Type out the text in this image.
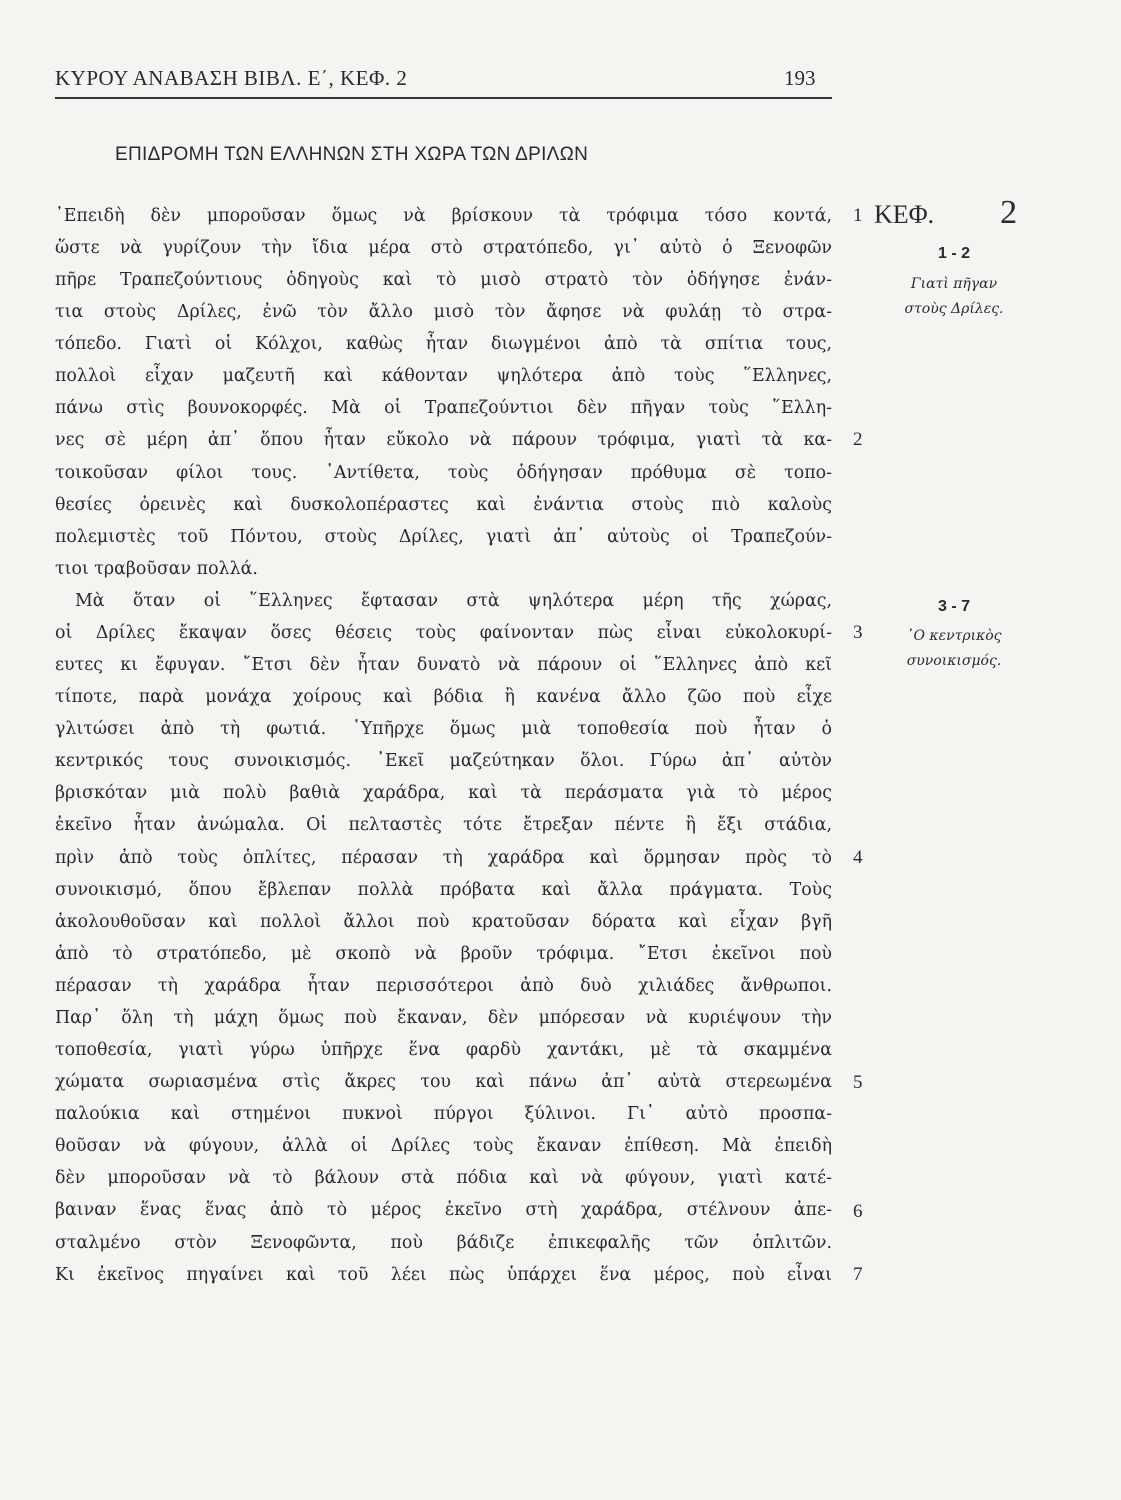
ΚΥΡΟΥ ΑΝΑΒΑΣΗ ΒΙΒΛ. Ε΄, ΚΕΦ. 2	193
ΕΠΙΔΡΟΜΗ ΤΩΝ ΕΛΛΗΝΩΝ ΣΤΗ ΧΩΡΑ ΤΩΝ ΔΡΙΛΩΝ
᾿Επειδὴ δὲν μποροῦσαν ὅμως νὰ βρίσκουν τὰ τρόφιμα τόσο κοντά,
ὥστε νὰ γυρίζουν τὴν ἴδια μέρα στὸ στρατόπεδο, γι᾿ αὐτὸ ὁ Ξενοφῶν
πῆρε Τραπεζούντιους ὁδηγοὺς καὶ τὸ μισὸ στρατὸ τὸν ὁδήγησε ἐνάν-
τια στοὺς Δρίλες, ἐνῶ τὸν ἄλλο μισὸ τὸν ἄφησε νὰ φυλάῃ τὸ στρα-
τόπεδο. Γιατὶ οἱ Κόλχοι, καθὼς ἦταν διωγμένοι ἀπὸ τὰ σπίτια τους,
πολλοὶ εἶχαν μαζευτῆ καὶ κάθονταν ψηλότερα ἀπὸ τοὺς ῞Ελληνες,
πάνω στὶς βουνοκορφές. Μὰ οἱ Τραπεζούντιοι δὲν πῆγαν τοὺς ῞Ελλη-
νες σὲ μέρη ἀπ᾿ ὅπου ἦταν εὔκολο νὰ πάρουν τρόφιμα, γιατὶ τὰ κα-
τοικοῦσαν φίλοι τους. ᾿Αντίθετα, τοὺς ὁδήγησαν πρόθυμα σὲ τοπο-
θεσίες ὀρεινὲς καὶ δυσκολοπέραστες καὶ ἐνάντια στοὺς πιὸ καλοὺς
πολεμιστὲς τοῦ Πόντου, στοὺς Δρίλες, γιατὶ ἀπ᾿ αὐτοὺς οἱ Τραπεζούν-
τιοι τραβοῦσαν πολλά.
Μὰ ὅταν οἱ ῞Ελληνες ἔφτασαν στὰ ψηλότερα μέρη τῆς χώρας,
οἱ Δρίλες ἔκαψαν ὅσες θέσεις τοὺς φαίνονταν πὼς εἶναι εὐκολοκυρί-
ευτες κι ἔφυγαν. ῎Ετσι δὲν ἦταν δυνατὸ νὰ πάρουν οἱ ῞Ελληνες ἀπὸ κεῖ
τίποτε, παρὰ μονάχα χοίρους καὶ βόδια ἢ κανένα ἄλλο ζῶο ποὺ εἶχε
γλιτώσει ἀπὸ τὴ φωτιά. ῾Υπῆρχε ὅμως μιὰ τοποθεσία ποὺ ἦταν ὁ
κεντρικός τους συνοικισμός. ᾿Εκεῖ μαζεύτηκαν ὅλοι. Γύρω ἀπ᾿ αὐτὸν
βρισκόταν μιὰ πολὺ βαθιὰ χαράδρα, καὶ τὰ περάσματα γιὰ τὸ μέρος
ἐκεῖνο ἦταν ἀνώμαλα. Οἱ πελταστὲς τότε ἔτρεξαν πέντε ἢ ἔξι στάδια,
πρὶν ἀπὸ τοὺς ὁπλίτες, πέρασαν τὴ χαράδρα καὶ ὅρμησαν πρὸς τὸ
συνοικισμό, ὅπου ἔβλεπαν πολλὰ πρόβατα καὶ ἄλλα πράγματα. Τοὺς
ἀκολουθοῦσαν καὶ πολλοὶ ἄλλοι ποὺ κρατοῦσαν δόρατα καὶ εἶχαν βγῆ
ἀπὸ τὸ στρατόπεδο, μὲ σκοπὸ νὰ βροῦν τρόφιμα. ῎Ετσι ἐκεῖνοι ποὺ
πέρασαν τὴ χαράδρα ἦταν περισσότεροι ἀπὸ δυὸ χιλιάδες ἄνθρωποι.
Παρ᾿ ὅλη τὴ μάχη ὅμως ποὺ ἔκαναν, δὲν μπόρεσαν νὰ κυριέψουν τὴν
τοποθεσία, γιατὶ γύρω ὑπῆρχε ἕνα φαρδὺ χαντάκι, μὲ τὰ σκαμμένα
χώματα σωριασμένα στὶς ἄκρες του καὶ πάνω ἀπ᾿ αὐτὰ στερεωμένα
παλούκια καὶ στημένοι πυκνοὶ πύργοι ξύλινοι. Γι᾿ αὐτὸ προσπα-
θοῦσαν νὰ φύγουν, ἀλλὰ οἱ Δρίλες τοὺς ἔκαναν ἐπίθεση. Μὰ ἐπειδὴ
δὲν μποροῦσαν νὰ τὸ βάλουν στὰ πόδια καὶ νὰ φύγουν, γιατὶ κατέ-
βαιναν ἕνας ἕνας ἀπὸ τὸ μέρος ἐκεῖνο στὴ χαράδρα, στέλνουν ἀπε-
σταλμένο στὸν Ξενοφῶντα, ποὺ βάδιζε ἐπικεφαλῆς τῶν ὁπλιτῶν.
Κι ἐκεῖνος πηγαίνει καὶ τοῦ λέει πὼς ὑπάρχει ἕνα μέρος, ποὺ εἶναι
1
2
3
4
5
6
7
ΚΕΦ. 2
1 - 2
Γιατὶ πῆγαν
στοὺς Δρίλες.
3 - 7
῾Ο κεντρικὸς
συνοικισμός.
